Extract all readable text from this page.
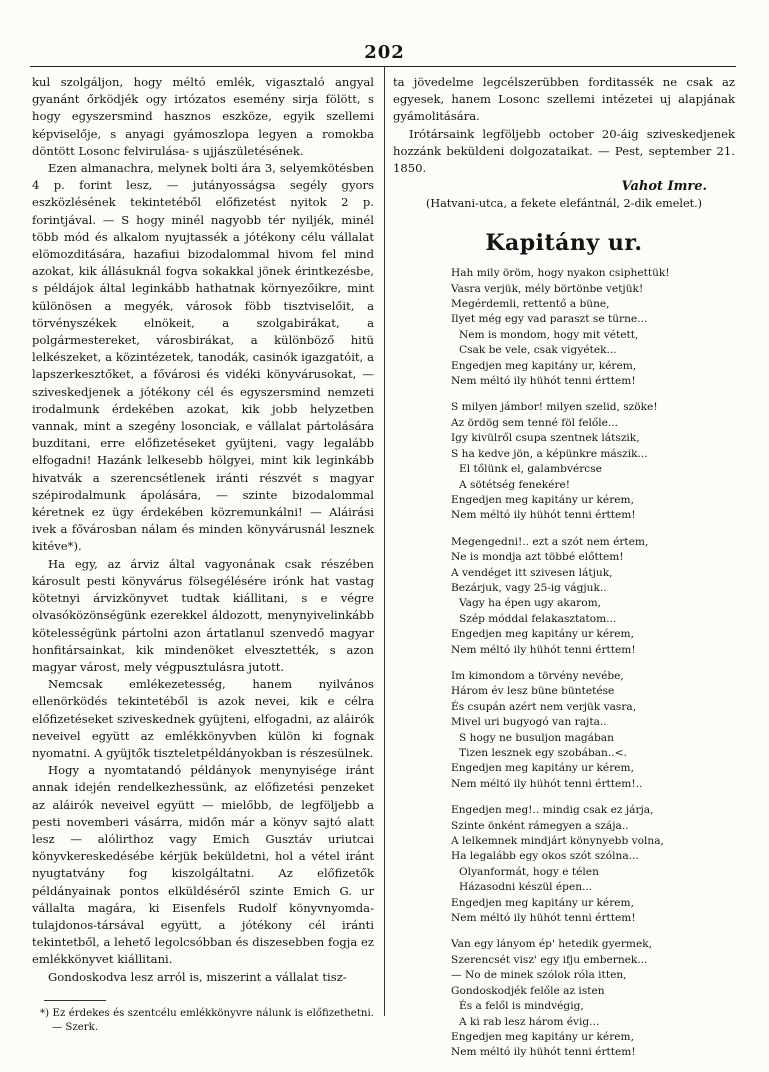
202

kul szolgáljon, hogy méltó emlék, vigasztaló angyal gyanánt őrködjék ogy irtózatos esemény sirja fölött, s hogy egyszersmind hasznos eszköze, egyik szellemi képviselője, s anyagi gyámoszlopa legyen a romokba döntött Losonc felvirulása- s ujjászületésének.

Ezen almanachra, melynek bolti ára 3, selyemkötésben 4 p. forint lesz, — jutányosságsa segély gyors eszközlésének tekintetéből előfizetést nyitok 2 p. forintjával. — S hogy minél nagyobb tér nyiljék, minél több mód és alkalom nyujtassék a jótékony célu vállalat elömozditására, hazafiui bizodalommal hivom fel mind azokat, kik állásuknál fogva sokakkal jönek érintkezésbe, s példájok által leginkább hathatnak környezőikre, mint különösen a megyék, városok föbb tisztviselőit, a törvényszékek elnökeit, a szolgabirákat, a polgármestereket, városbirákat, a különböző hitü lelkészeket, a közintézetek, tanodák, casinók igazgatóit, a lapszerkesztőket, a fővárosi és vidéki könyvárusokat, — sziveskedjenek a jótékony cél és egyszersmind nemzeti irodalmunk érdekében azokat, kik jobb helyzetben vannak, mint a szegény losonciak, e vállalat pártolására buzditani, erre előfizetéseket gyüjteni, vagy legalább elfogadni! Hazánk lelkesebb hölgyei, mint kik leginkább hivatvák a szerencsétlenek iránti részvét s magyar szépirodalmunk ápolására, — szinte bizodalommal kéretnek ez ügy érdekében közremunkálni! — Aláirási ivek a fővárosban nálam és minden könyvárusnál lesznek kitéve*).

Ha egy, az árviz által vagyonának csak részében károsult pesti könyvárus fölsegélésére irónk hat vastag kötetnyi árvizkönyvet tudtak kiállitani, s e végre olvasóközönségünk ezerekkel áldozott, menynyivelinkább kötelességünk pártolni azon ártatlanul szenvedő magyar honfitársainkat, kik mindenöket elvesztették, s azon magyar várost, mely végpusztulásra jutott.

Nemcsak emlékezetesség, hanem nyilvános ellenörködés tekintetéből is azok nevei, kik e célra előfizetéseket sziveskednek gyüjteni, elfogadni, az aláirók neveivel együtt az emlékkönyvben külön ki fognak nyomatni. A gyüjtők tiszteletpéldányokban is részesülnek.

Hogy a nyomtatandó példányok menynyisége iránt annak idején rendelkezhessünk, az előfizetési penzeket az aláirók neveivel együtt — mielőbb, de legföljebb a pesti novemberi vásárra, midőn már a könyv sajtó alatt lesz — alólirthoz vagy Emich Gusztáv uriutcai könyvkereskedésébe kérjük beküldetni, hol a vétel iránt nyugtatvány fog kiszolgáltatni. Az előfizetők példányainak pontos elküldéséről szinte Emich G. ur vállalta magára, ki Eisenfels Rudolf könyvnyomda-tulajdonos-társával együtt, a jótékony cél iránti tekintetből, a lehető legolcsóbban és diszesebben fogja ez emlékkönyvet kiállitani.

Gondoskodva lesz arról is, miszerint a vállalat tisz-

*) Ez érdekes és szentcélu emlékkönyvre nálunk is előfizethetni. — Szerk.

ta jövedelme legcélszerübben forditassék ne csak az egyesek, hanem Losonc szellemi intézetei uj alapjának gyámolitására.

Irótársaink legföljebb october 20-áig sziveskedjenek hozzánk beküldeni dolgozataikat. — Pest, september 21. 1850.

Vahot Imre.

(Hatvani-utca, a fekete elefántnál, 2-dik emelet.)

Kapitány ur.

Hah mily öröm, hogy nyakon csiphettük!

Vasra verjük, mély börtönbe vetjük!

Megérdemli, rettentő a büne,

Ilyet még egy vad paraszt se türne...

Nem is mondom, hogy mit vétett,

Csak be vele, csak vigyétek...

Engedjen meg kapitány ur, kérem,

Nem méltó ily hühót tenni érttem!

S milyen jámbor! milyen szelid, szöke!

Az ördög sem tenné föl felőle...

Igy kivülről csupa szentnek látszik,

S ha kedve jön, a képünkre mászik...

El tőlünk el, galambvércse

A sötétség fenekére!

Engedjen meg kapitány ur kérem,

Nem méltó ily hühót tenni érttem!

Megengedni!.. ezt a szót nem értem,

Ne is mondja azt többé előttem!

A vendéget itt szivesen látjuk,

Bezárjuk, vagy 25-ig vágjuk..

Vagy ha épen ugy akarom,

Szép móddal felakasztatom...

Engedjen meg kapitány ur kérem,

Nem méltó ily hühót tenni érttem!

Im kimondom a törvény nevébe,

Három év lesz büne büntetése

És csupán azért nem verjük vasra,

Mivel uri bugyogó van rajta..

S hogy ne busuljon magában

Tizen lesznek egy szobában..<.

Engedjen meg kapitány ur kérem,

Nem méltó ily hühót tenni érttem!..

Engedjen meg!.. mindig csak ez járja,

Szinte önként rámegyen a szája..

A lelkemnek mindjárt könynyebb volna,

Ha legalább egy okos szót szólna...

Olyanformát, hogy e télen

Házasodni készül épen...

Engedjen meg kapitány ur kérem,

Nem méltó ily hühót tenni érttem!

Van egy lányom ép' hetedik gyermek,

Szerencsét visz' egy ifju embernek...

— No de minek szólok róla itten,

Gondoskodjék felőle az isten

És a felől is mindvégig,

A ki rab lesz három évig...

Engedjen meg kapitány ur kérem,

Nem méltó ily hühót tenni érttem!
